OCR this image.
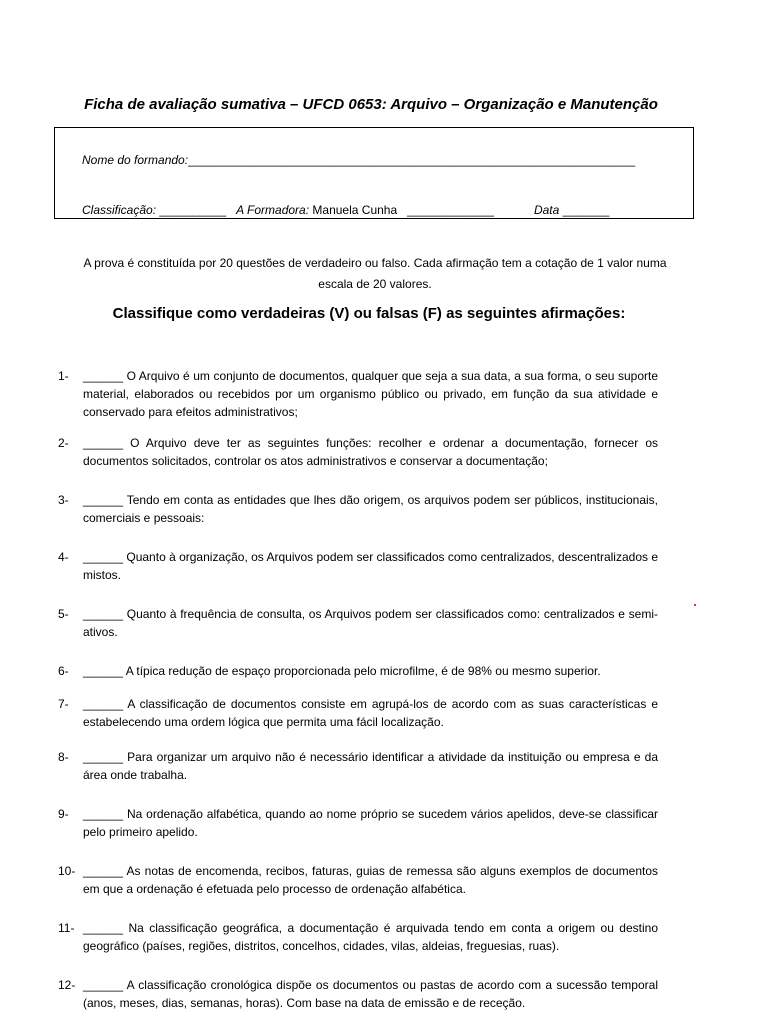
Ficha de avaliação sumativa – UFCD 0653: Arquivo – Organização e Manutenção
Nome do formando:___________________________________________________________________
Classificação: __________ A Formadora: Manuela Cunha _____________	Data _______

A prova é constituída por 20 questões de verdadeiro ou falso. Cada afirmação tem a cotação de 1 valor numa escala de 20 valores.

Classifique como verdadeiras (V) ou falsas (F) as seguintes afirmações:
1- ______ O Arquivo é um conjunto de documentos, qualquer que seja a sua data, a sua forma, o seu suporte material, elaborados ou recebidos por um organismo público ou privado, em função da sua atividade e conservado para efeitos administrativos;
2- ______ O Arquivo deve ter as seguintes funções: recolher e ordenar a documentação, fornecer os documentos solicitados, controlar os atos administrativos e conservar a documentação;
3- ______ Tendo em conta as entidades que lhes dão origem, os arquivos podem ser públicos, institucionais, comerciais e pessoais:
4- ______ Quanto à organização, os Arquivos podem ser classificados como centralizados, descentralizados e mistos.
5- ______ Quanto à frequência de consulta, os Arquivos podem ser classificados como: centralizados e semi-ativos.
6- ______ A típica redução de espaço proporcionada pelo microfilme, é de 98% ou mesmo superior.
7- ______ A classificação de documentos consiste em agrupá-los de acordo com as suas características e estabelecendo uma ordem lógica que permita uma fácil localização.
8- ______ Para organizar um arquivo não é necessário identificar a atividade da instituição ou empresa e da área onde trabalha.
9- ______ Na ordenação alfabética, quando ao nome próprio se sucedem vários apelidos, deve-se classificar pelo primeiro apelido.
10- ______ As notas de encomenda, recibos, faturas, guias de remessa são alguns exemplos de documentos em que a ordenação é efetuada pelo processo de ordenação alfabética.
11- ______ Na classificação geográfica, a documentação é arquivada tendo em conta a origem ou destino geográfico (países, regiões, distritos, concelhos, cidades, vilas, aldeias, freguesias, ruas).
12- ______ A classificação cronológica dispõe os documentos ou pastas de acordo com a sucessão temporal (anos, meses, dias, semanas, horas). Com base na data de emissão e de receção.
